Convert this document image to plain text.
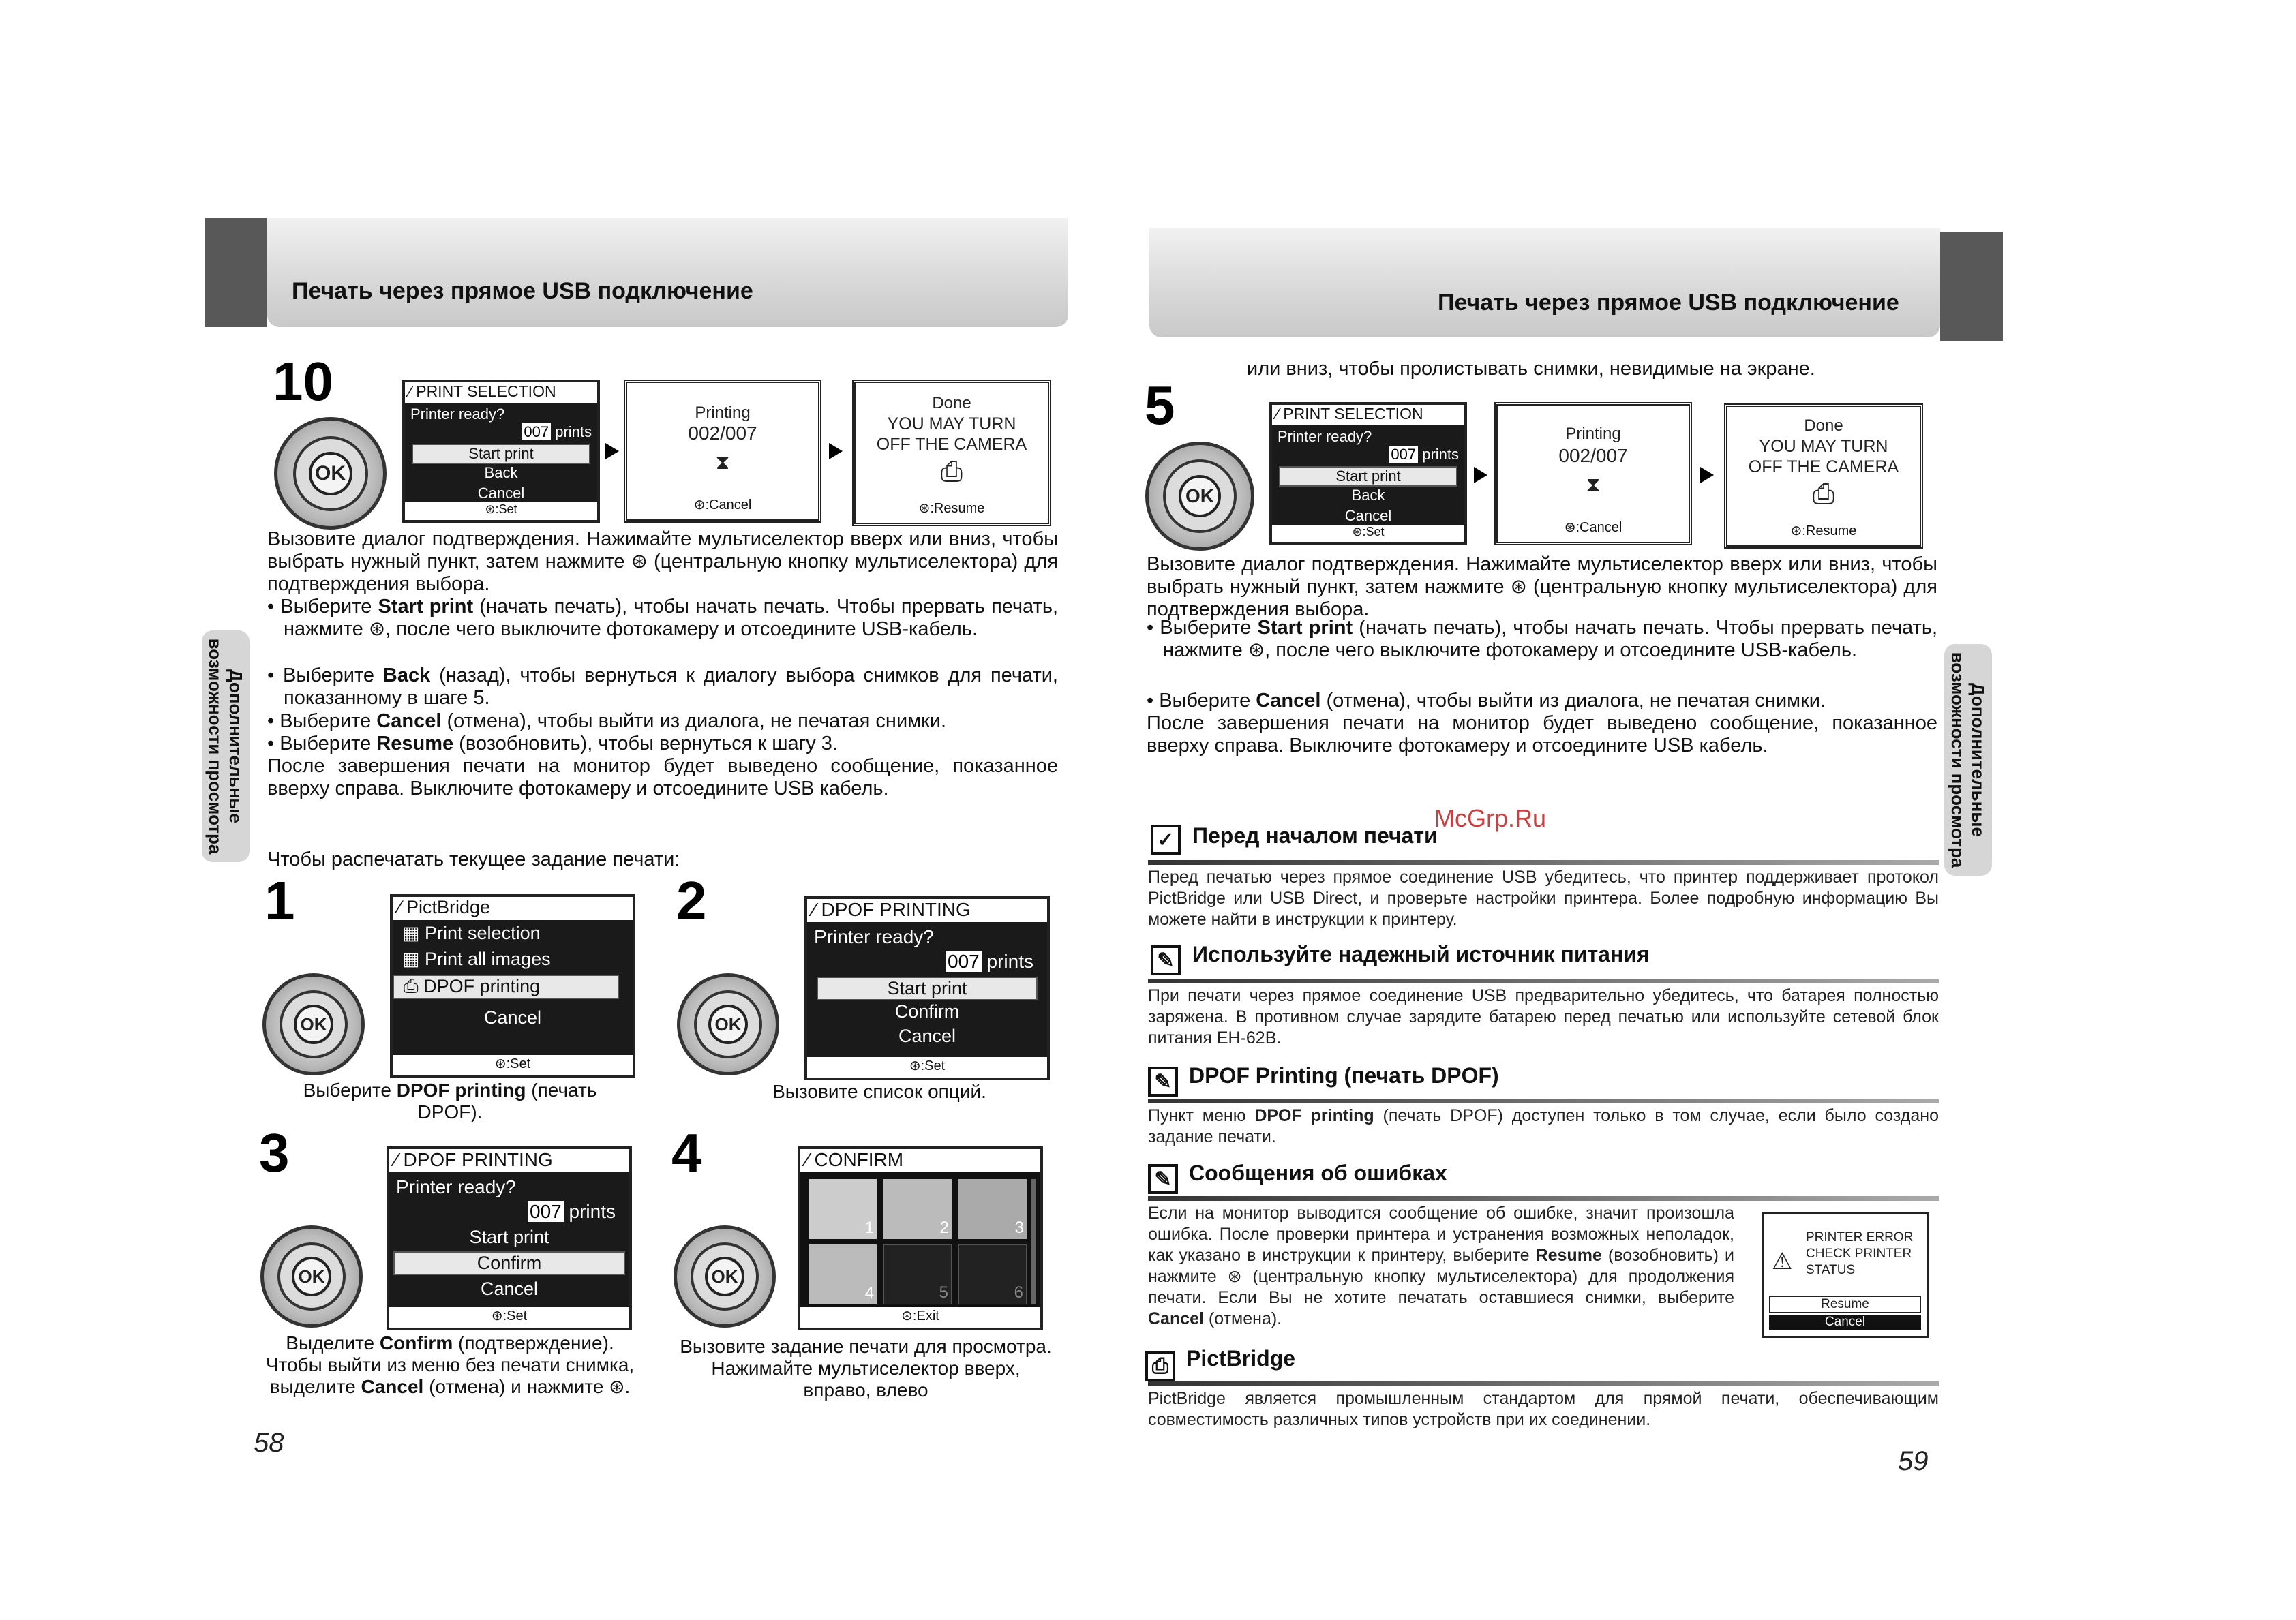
Печать через прямое USB подключение
Дополнительные возможности просмотра
10
OK
⁄ PRINT SELECTION
Printer ready?
007 prints
Start print
Back
Cancel
⊛:Set
Printing
002/007
⧗
⊛:Cancel
Done
YOU MAY TURN
OFF THE CAMERA
⎙
⊛:Resume
Вызовите диалог подтверждения. Нажимайте мультиселектор вверх или вниз, чтобы выбрать нужный пункт, затем нажмите ⊛ (центральную кнопку мультиселектора) для подтверждения выбора.
• Выберите Start print (начать печать), чтобы начать печать. Чтобы прервать печать, нажмите ⊛, после чего выключите фотокамеру и отсоедините USB-кабель.
• Выберите Back (назад), чтобы вернуться к диалогу выбора снимков для печати, показанному в шаге 5.
• Выберите Cancel (отмена), чтобы выйти из диалога, не печатая снимки.
• Выберите Resume (возобновить), чтобы вернуться к шагу 3.
После завершения печати на монитор будет выведено сообщение, показанное вверху справа. Выключите фотокамеру и отсоедините USB кабель.
Чтобы распечатать текущее задание печати:
1
OK
⁄ PictBridge
▦ Print selection
▦ Print all images
⎙ DPOF printing
Cancel
⊛:Set
Выберите DPOF printing (печать DPOF).
2
OK
⁄ DPOF PRINTING
Printer ready?
007 prints
Start print
Confirm
Cancel
⊛:Set
Вызовите список опций.
3
OK
⁄ DPOF PRINTING
Printer ready?
007 prints
Start print
Confirm
Cancel
⊛:Set
Выделите Confirm (подтверждение). Чтобы выйти из меню без печати снимка, выделите Cancel (отмена) и нажмите ⊛.
4
OK
⁄ CONFIRM
1	2	3
4	5	6
⊛:Exit
Вызовите задание печати для просмотра. Нажимайте мультиселектор вверх, вправо, влево
58
Печать через прямое USB подключение
Дополнительные возможности просмотра
или вниз, чтобы пролистывать снимки, невидимые на экране.
5
OK
⁄ PRINT SELECTION
Printer ready?
007 prints
Start print
Back
Cancel
⊛:Set
Printing
002/007
⧗
⊛:Cancel
Done
YOU MAY TURN
OFF THE CAMERA
⎙
⊛:Resume
Вызовите диалог подтверждения. Нажимайте мультиселектор вверх или вниз, чтобы выбрать нужный пункт, затем нажмите ⊛ (центральную кнопку мультиселектора) для подтверждения выбора.
• Выберите Start print (начать печать), чтобы начать печать. Чтобы прервать печать, нажмите ⊛, после чего выключите фотокамеру и отсоедините USB-кабель.
• Выберите Cancel (отмена), чтобы выйти из диалога, не печатая снимки.
После завершения печати на монитор будет выведено сообщение, показанное вверху справа. Выключите фотокамеру и отсоедините USB кабель.
McGrp.Ru
✓ Перед началом печати
Перед печатью через прямое соединение USB убедитесь, что принтер поддерживает протокол PictBridge или USB Direct, и проверьте настройки принтера. Более подробную информацию Вы можете найти в инструкции к принтеру.
✎ Используйте надежный источник питания
При печати через прямое соединение USB предварительно убедитесь, что батарея полностью заряжена. В противном случае зарядите батарею перед печатью или используйте сетевой блок питания EH-62B.
✎ DPOF Printing (печать DPOF)
Пункт меню DPOF printing (печать DPOF) доступен только в том случае, если было создано задание печати.
✎ Сообщения об ошибках
Если на монитор выводится сообщение об ошибке, значит произошла ошибка. После проверки принтера и устранения возможных неполадок, как указано в инструкции к принтеру, выберите Resume (возобновить) и нажмите ⊛ (центральную кнопку мультиселектора) для продолжения печати. Если Вы не хотите печатать оставшиеся снимки, выберите Cancel (отмена).
⚠
PRINTER ERROR
CHECK PRINTER
STATUS
Resume
Cancel
⎙ PictBridge
PictBridge является промышленным стандартом для прямой печати, обеспечивающим совместимость различных типов устройств при их соединении.
59
